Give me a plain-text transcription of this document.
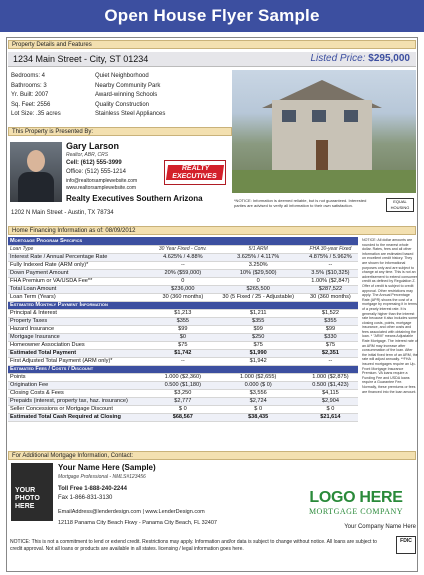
Open House Flyer Sample
Property Details and Features
1234 Main Street - City, ST 01234	Listed Price: $295,000
Bedrooms: 4
Bathrooms: 3
Yr. Built: 2007
Sq. Feet: 2556
Lot Size: .35 acres
Quiet Neighborhood
Nearby Community Park
Award-winning Schools
Quality Construction
Stainless Steel Appliances
*NOTICE: Information is deemed reliable, but is not guaranteed. Interested parties are advised to verify all information to their own satisfaction.
EQUAL HOUSING
This Property is Presented By:
Gary Larson
Realtor, ABR, CRS
Cell: (612) 555-3999
Office: (512) 555-1214
info@realtorsamplewebsite.com
www.realtorsamplewebsite.com
REALTY
EXECUTIVES
Realty Executives Southern Arizona
1202 N Main Street - Austin, TX 78734
Home Financing Information as of: 08/09/2012
Mortgage Program Specifics			
Loan Type	30 Year Fixed - Conv.	5/1 ARM	FHA 30-year Fixed
Interest Rate / Annual Percentage Rate	4.625% / 4.88%	3.625% / 4.117%	4.875% / 5.962%
Fully Indexed Rate (ARM only)*	--	3.250%	--
Down Payment Amount	20% ($59,000)	10% ($29,500)	3.5% ($10,325)
FHA Premium or VA/USDA Fee**	0	0	1.00% ($2,847)
Total Loan Amount	$236,000	$265,500	$287,522
Loan Term (Years)	30 (360 months)	30 (5 Fixed / 25 - Adjustable)	30 (360 months)
Estimated Monthly Payment Information			
Principal & Interest	$1,213	$1,211	$1,522
Property Taxes	$355	$355	$355
Hazard Insurance	$99	$99	$99
Mortgage Insurance	$0	$250	$330
Homeowner Association Dues	$75	$75	$75
Estimated Total Payment	$1,742	$1,990	$2,351
First Adjusted Total Payment (ARM only)*	--	$1,942	--
Estimated Fees / Costs / Discount			
Points	1.000 ($2,360)	1.000 ($2,655)	1.000 ($2,875)
Origination Fee	0.500 ($1,180)	0.000 ($ 0)	0.500 ($1,423)
Closing Costs & Fees	$3,250	$3,556	$4,115
Prepaids (interest, property tax, haz. insurance)	$2,777	$2,724	$2,904
Seller Concessions or Mortgage Discount	$ 0	$ 0	$ 0
Estimated Total Cash Required at Closing	$68,567	$38,435	$21,614
NOTICE: All dollar amounts are rounded to the nearest whole dollar. Rates, fees and all other information are estimated based on excellent credit history. They are shown for informational purposes only and are subject to change at any time. This is not an advertisement to extend consumer credit as defined by Regulation Z. Offer of credit is subject to credit approval. Other restrictions may apply. The Annual Percentage Rate (APR) shows the cost of a mortgage by expressing it in terms of a yearly interest rate. It is generally higher than the interest rate because it also includes some closing costs, points, mortgage insurance, and other costs and fees associated with obtaining the loan. * "ARM" means Adjustable Rate Mortgage. The interest rate of an ARM may increase after consummation of the loan. After the initial fixed term of an ARM, the rate will adjust annually. **FHA insured mortgages require an Up-Front Mortgage Insurance Premium. VA loans require a Funding Fee and USDA loans require a Guarantee Fee. Normally, these premiums or fees are financed into the loan amount.
For Additional Mortgage Information, Contact:
YOUR PHOTO HERE
Your Name Here (Sample)
Mortgage Professional - NMLS#123456
Toll Free 1-888-240-2244
Fax 1-866-831-3130
EmailAddress@lenderdesign.com | www.LenderDesign.com
12118 Panama City Beach Fkwy - Panama City Beach, FL 32407
LOGO HERE
MORTGAGE COMPANY
Your Company Name Here
NOTICE: This is not a commitment to lend or extend credit. Restrictions may apply. Information and/or data is subject to change without notice. All loans are subject to credit approval. Not all loans or products are available in all states. licensing / legal information goes here.
FDIC
